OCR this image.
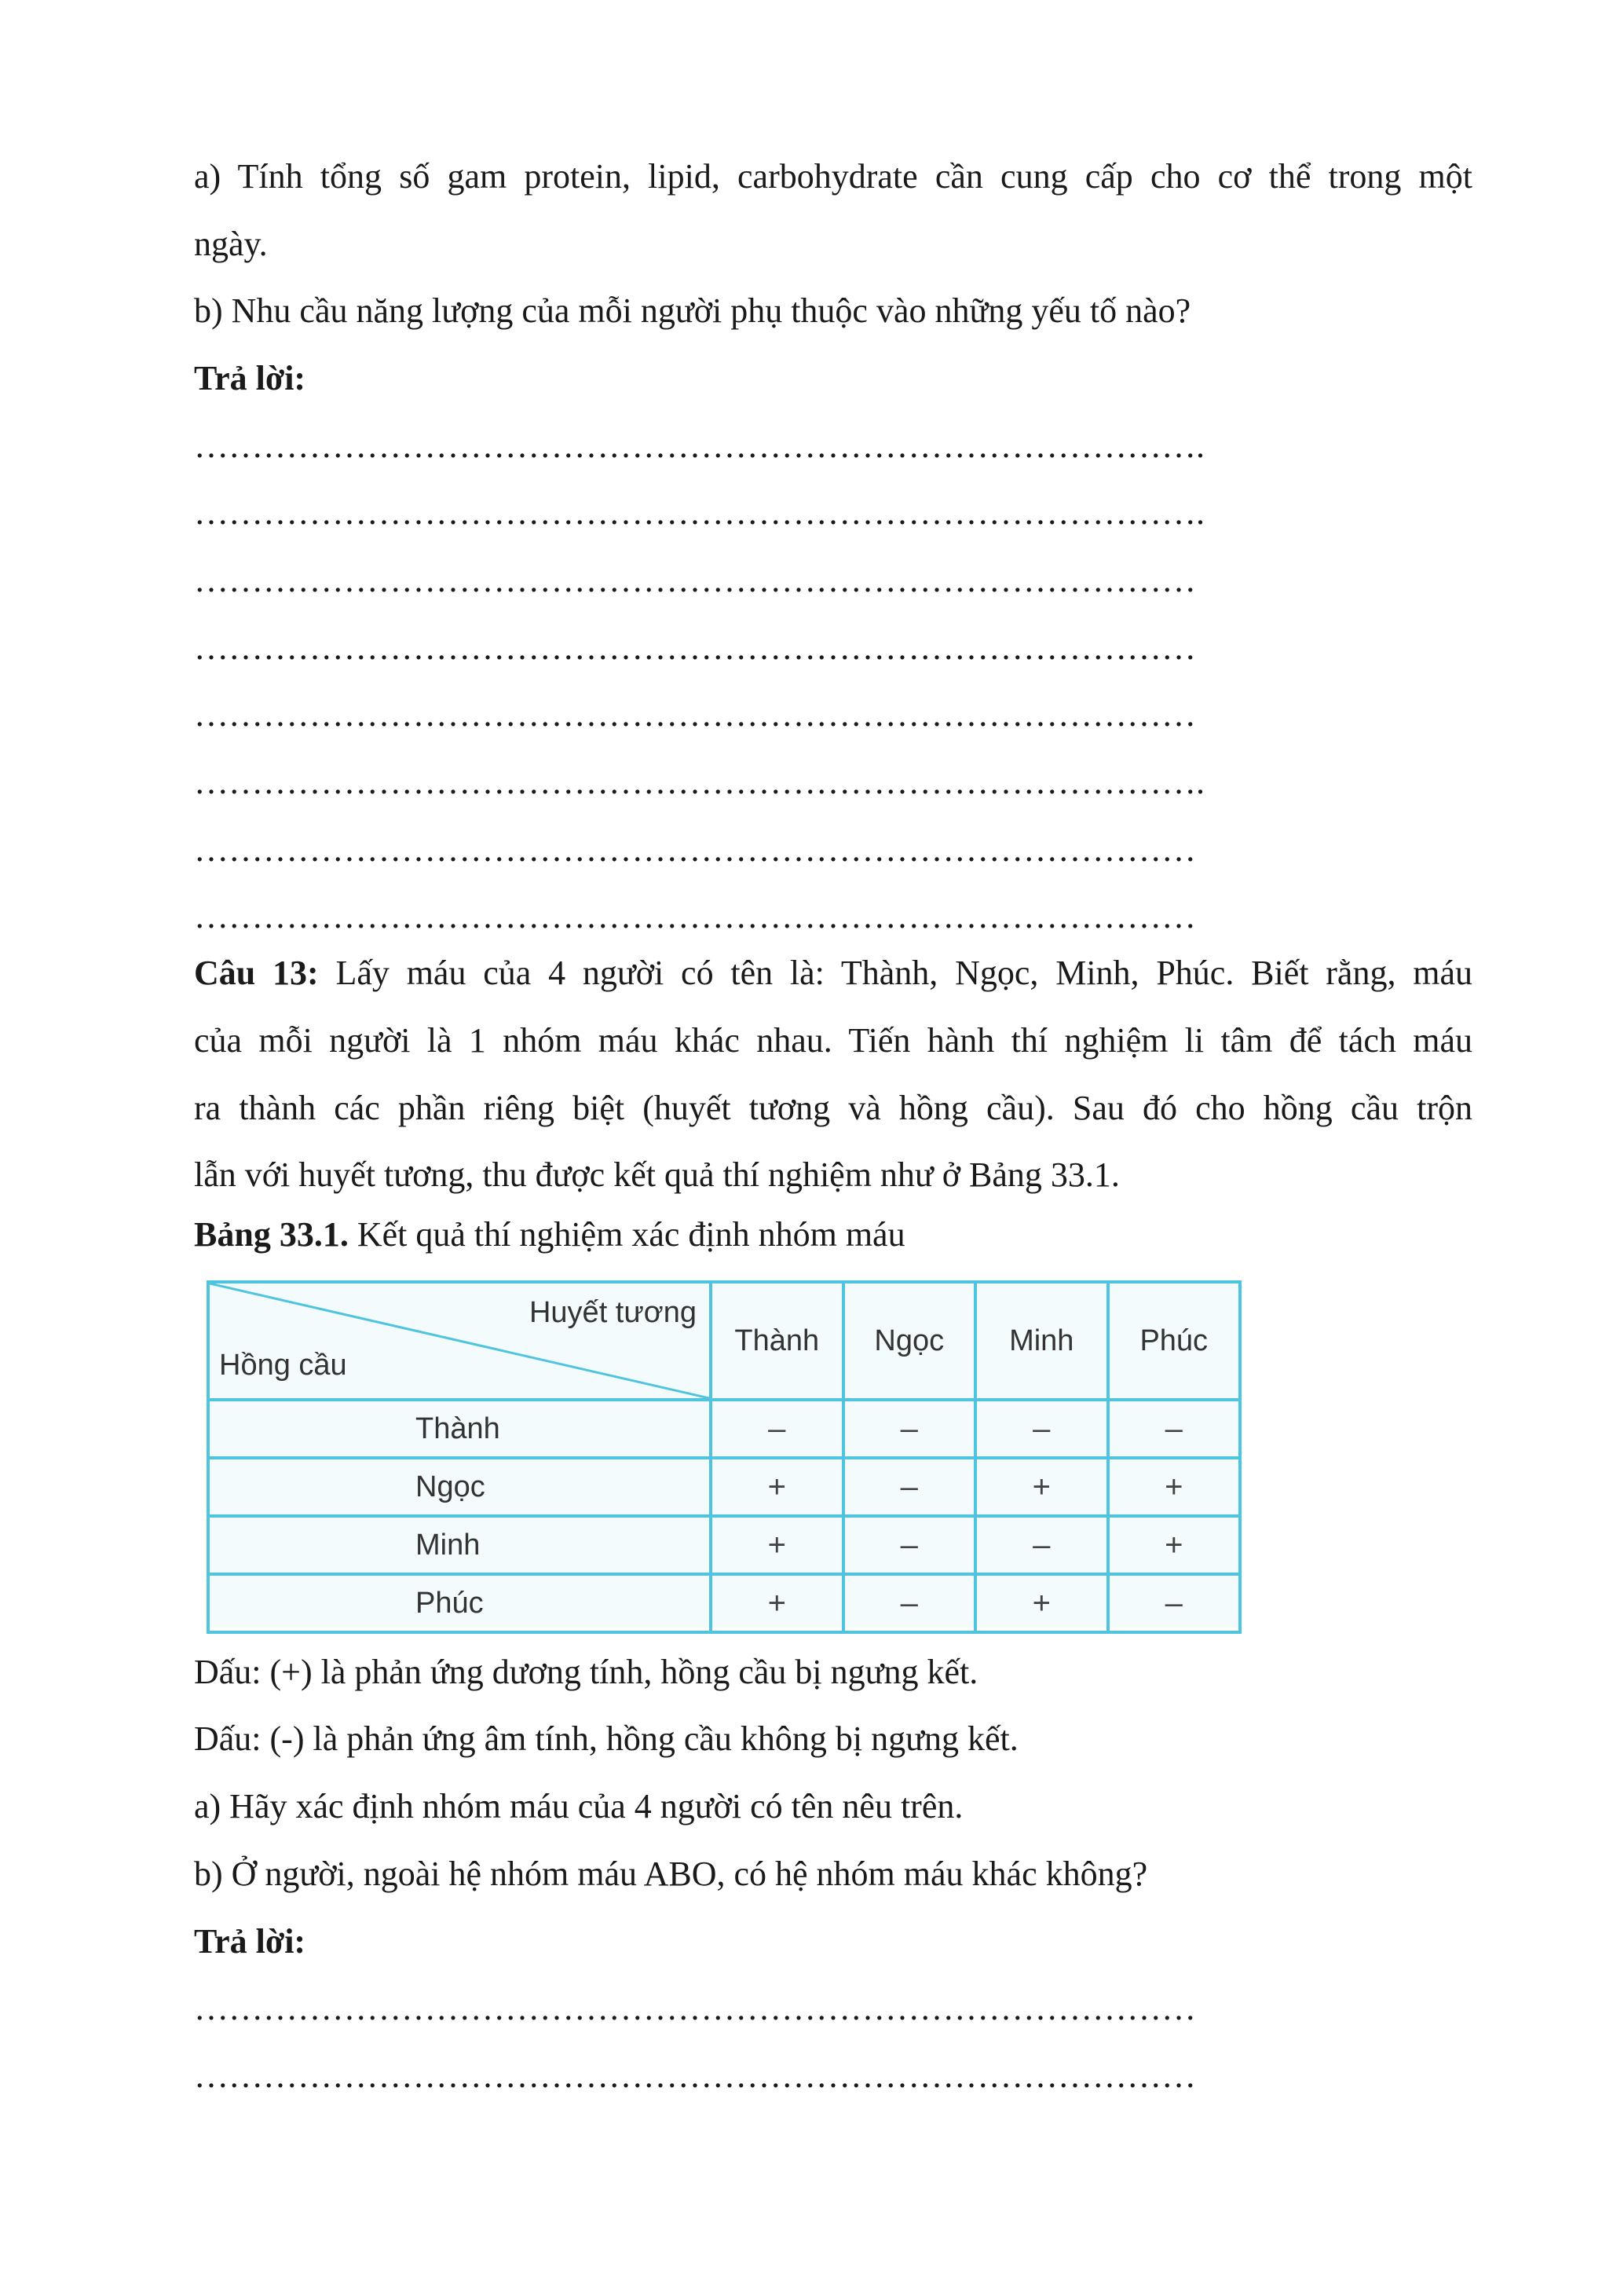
a) Tính tổng số gam protein, lipid, carbohydrate cần cung cấp cho cơ thể trong một
ngày.
b) Nhu cầu năng lượng của mỗi người phụ thuộc vào những yếu tố nào?
Trả lời:
…………………………………………………………………………….
…………………………………………………………………………….
……………………………………………………………………………
……………………………………………………………………………
……………………………………………………………………………
…………………………………………………………………………….
……………………………………………………………………………
……………………………………………………………………………
Câu 13: Lấy máu của 4 người có tên là: Thành, Ngọc, Minh, Phúc. Biết rằng, máu
của mỗi người là 1 nhóm máu khác nhau. Tiến hành thí nghiệm li tâm để tách máu
ra thành các phần riêng biệt (huyết tương và hồng cầu). Sau đó cho hồng cầu trộn
lẫn với huyết tương, thu được kết quả thí nghiệm như ở Bảng 33.1.
Bảng 33.1. Kết quả thí nghiệm xác định nhóm máu
Huyết tương
Hồng cầu	Thành	Ngọc	Minh	Phúc
Thành	–	–	–	–
Ngọc	+	–	+	+
Minh	+	–	–	+
Phúc	+	–	+	–
Dấu: (+) là phản ứng dương tính, hồng cầu bị ngưng kết.
Dấu: (-) là phản ứng âm tính, hồng cầu không bị ngưng kết.
a) Hãy xác định nhóm máu của 4 người có tên nêu trên.
b) Ở người, ngoài hệ nhóm máu ABO, có hệ nhóm máu khác không?
Trả lời:
……………………………………………………………………………
……………………………………………………………………………
